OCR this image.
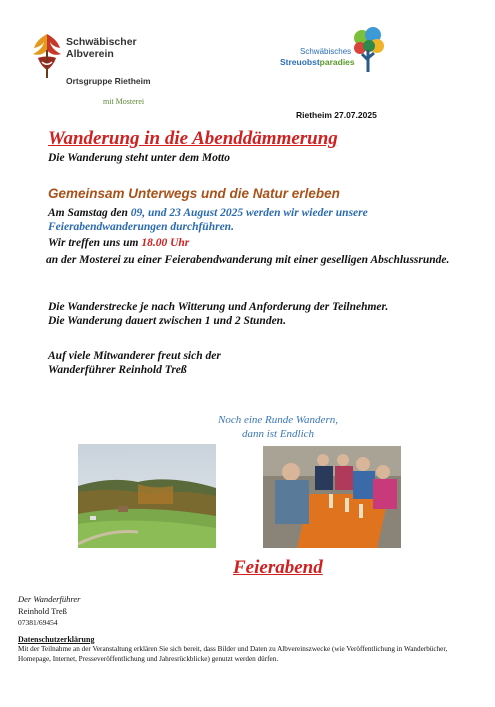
Schwäbischer
Albverein
Ortsgruppe Rietheim
mit Mosterei
Schwäbisches
Streuobstparadies
Rietheim 27.07.2025
Wanderung in die Abenddämmerung
Die Wanderung steht unter dem Motto
Gemeinsam Unterwegs und die Natur erleben
Am Samstag den 09, und 23 August 2025 werden wir wieder unsere Feierabendwanderungen durchführen.
Wir treffen uns um 18.00 Uhr
an der Mosterei zu einer Feierabendwanderung mit einer geselligen Abschlussrunde.
Die Wanderstrecke je nach Witterung und Anforderung der Teilnehmer.
Die Wanderung dauert zwischen 1 und 2 Stunden.
Auf viele Mitwanderer freut sich der
Wanderführer Reinhold Treß
Noch eine Runde Wandern,
dann ist Endlich
Feierabend
Der Wanderführer
Reinhold Treß
07381/69454
Datenschutzerklärung
Mit der Teilnahme an der Veranstaltung erklären Sie sich bereit, dass Bilder und Daten zu Albvereinszwecke (wie Veröffentlichung in Wanderbücher, Homepage, Internet, Presseveröffentlichung und Jahresrückblicke) genutzt werden dürfen.
